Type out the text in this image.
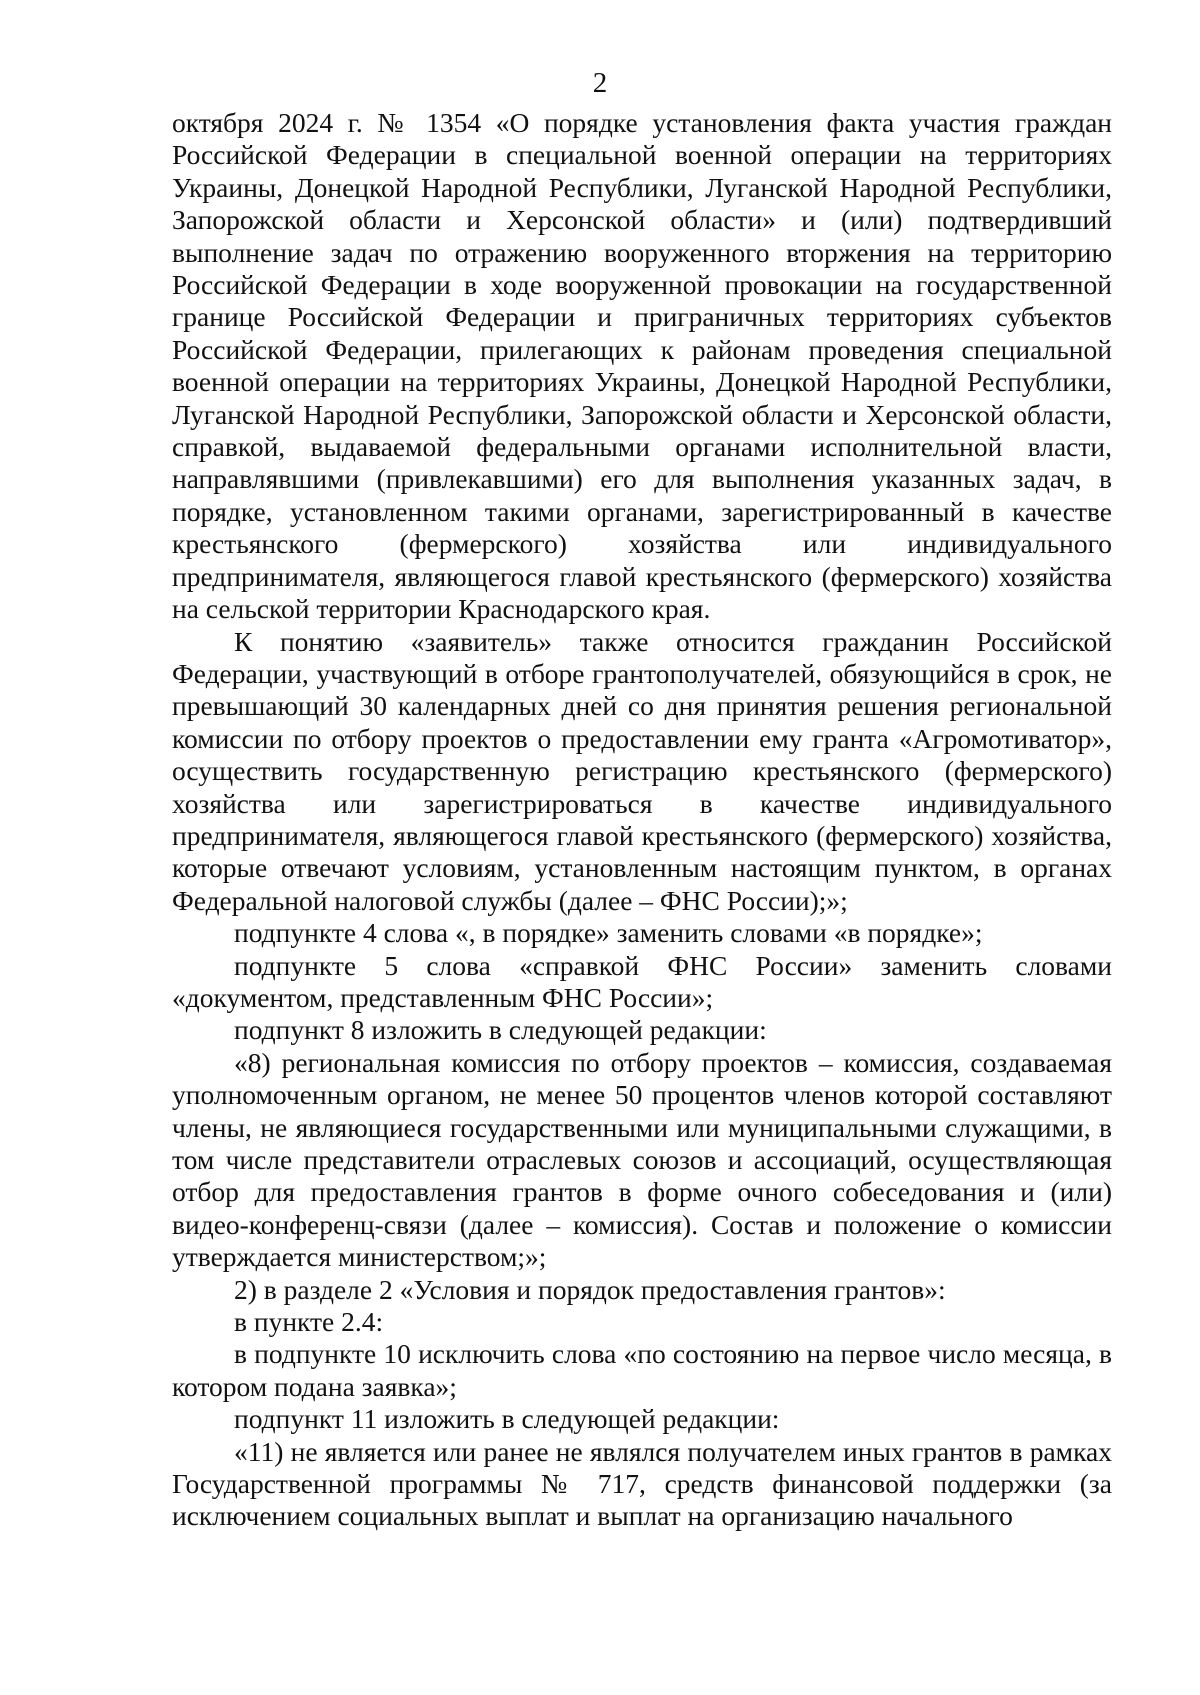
2

октября 2024 г. № 1354 «О порядке установления факта участия граждан Российской Федерации в специальной военной операции на территориях Украины, Донецкой Народной Республики, Луганской Народной Республики, Запорожской области и Херсонской области» и (или) подтвердивший выполнение задач по отражению вооруженного вторжения на территорию Российской Федерации в ходе вооруженной провокации на государственной границе Российской Федерации и приграничных территориях субъектов Российской Федерации, прилегающих к районам проведения специальной военной операции на территориях Украины, Донецкой Народной Республики, Луганской Народной Республики, Запорожской области и Херсонской области, справкой, выдаваемой федеральными органами исполнительной власти, направлявшими (привлекавшими) его для выполнения указанных задач, в порядке, установленном такими органами, зарегистрированный в качестве крестьянского (фермерского) хозяйства или индивидуального предпринимателя, являющегося главой крестьянского (фермерского) хозяйства на сельской территории Краснодарского края.

К понятию «заявитель» также относится гражданин Российской Федерации, участвующий в отборе грантополучателей, обязующийся в срок, не превышающий 30 календарных дней со дня принятия решения региональной комиссии по отбору проектов о предоставлении ему гранта «Агромотиватор», осуществить государственную регистрацию крестьянского (фермерского) хозяйства или зарегистрироваться в качестве индивидуального предпринимателя, являющегося главой крестьянского (фермерского) хозяйства, которые отвечают условиям, установленным настоящим пунктом, в органах Федеральной налоговой службы (далее – ФНС России);»;

подпункте 4 слова «, в порядке» заменить словами «в порядке»;

подпункте 5 слова «справкой ФНС России» заменить словами «документом, представленным ФНС России»;

подпункт 8 изложить в следующей редакции:

«8) региональная комиссия по отбору проектов – комиссия, создаваемая уполномоченным органом, не менее 50 процентов членов которой составляют члены, не являющиеся государственными или муниципальными служащими, в том числе представители отраслевых союзов и ассоциаций, осуществляющая отбор для предоставления грантов в форме очного собеседования и (или) видео-конференц-связи (далее – комиссия). Состав и положение о комиссии утверждается министерством;»;

2) в разделе 2 «Условия и порядок предоставления грантов»:

в пункте 2.4:

в подпункте 10 исключить слова «по состоянию на первое число месяца, в котором подана заявка»;

подпункт 11 изложить в следующей редакции:

«11) не является или ранее не являлся получателем иных грантов в рамках Государственной программы № 717, средств финансовой поддержки (за исключением социальных выплат и выплат на организацию начального
